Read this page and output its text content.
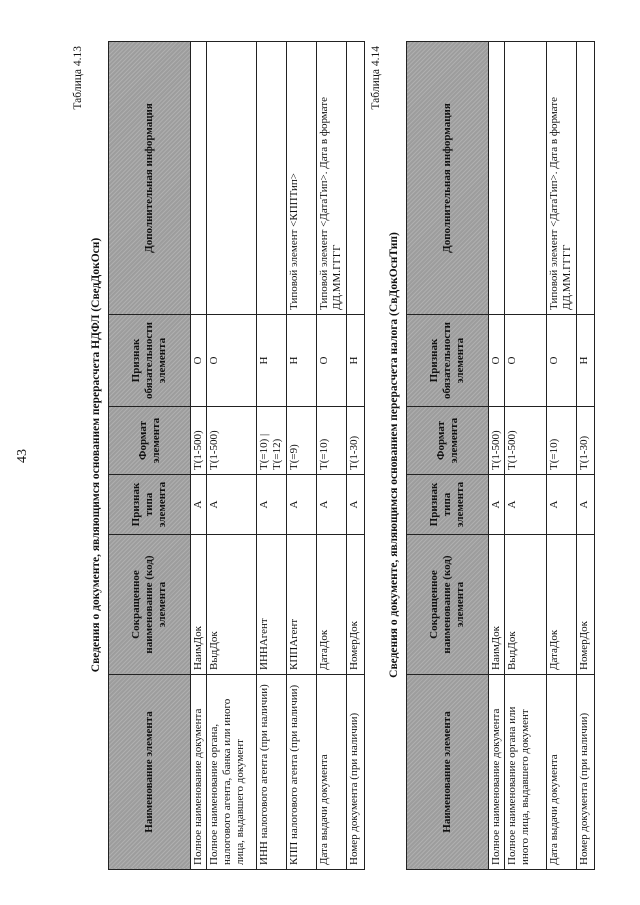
43
Таблица 4.13
Сведения о документе, являющимся основанием перерасчета НДФЛ (СведДокОсн)
Наименование элемента	Сокращенное наименование (код) элемента	Признак типа элемента	Формат элемента	Признак обязательности элемента	Дополнительная информация
Полное наименование документа	НаимДок	А	T(1-500)	О	
Полное наименование органа, налогового агента, банка или иного лица, выдавшего документ	ВыдДок	А	T(1-500)	О	
ИНН налогового агента (при наличии)	ИННАгент	А	T(=10) | T(=12)	Н	
КПП налогового агента (при наличии)	КППАгент	А	T(=9)	Н	Типовой элемент <КППТип>
Дата выдачи документа	ДатаДок	А	T(=10)	О	Типовой элемент <ДатаТип>. Дата в формате ДД.ММ.ГГГГ
Номер документа (при наличии)	НомерДок	А	T(1-30)	Н	
Таблица 4.14
Сведения о документе, являющимся основанием перерасчета налога (СвДокОснТип)
Наименование элемента	Сокращенное наименование (код) элемента	Признак типа элемента	Формат элемента	Признак обязательности элемента	Дополнительная информация
Полное наименование документа	НаимДок	А	T(1-500)	О	
Полное наименование органа или иного лица, выдавшего документ	ВыдДок	А	T(1-500)	О	
Дата выдачи документа	ДатаДок	А	T(=10)	О	Типовой элемент <ДатаТип>. Дата в формате ДД.ММ.ГГГГ
Номер документа (при наличии)	НомерДок	А	T(1-30)	Н	
